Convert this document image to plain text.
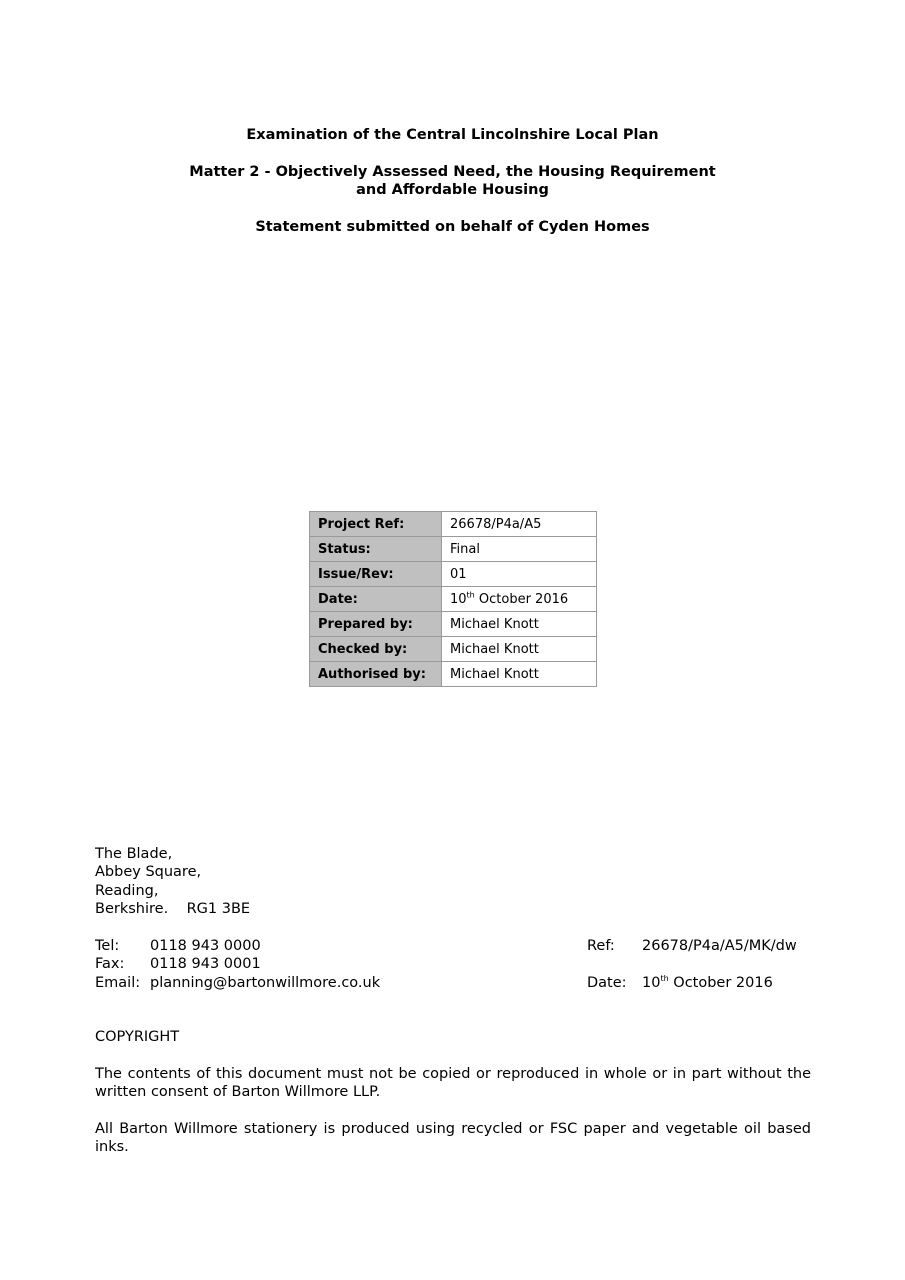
Examination of the Central Lincolnshire Local Plan

Matter 2 - Objectively Assessed Need, the Housing Requirement
and Affordable Housing

Statement submitted on behalf of Cyden Homes

Project Ref:	26678/P4a/A5
Status:	Final
Issue/Rev:	01
Date:	10th October 2016
Prepared by:	Michael Knott
Checked by:	Michael Knott
Authorised by:	Michael Knott
The Blade,
Abbey Square,
Reading,
Berkshire.    RG1 3BE
Tel:	0118 943 0000
Fax:	0118 943 0001
Email: planning@bartonwillmore.co.uk
Ref:	26678/P4a/A5/MK/dw
Date:	10th October 2016

COPYRIGHT

The contents of this document must not be copied or reproduced in whole or in part without the written consent of Barton Willmore LLP.

All Barton Willmore stationery is produced using recycled or FSC paper and vegetable oil based inks.
